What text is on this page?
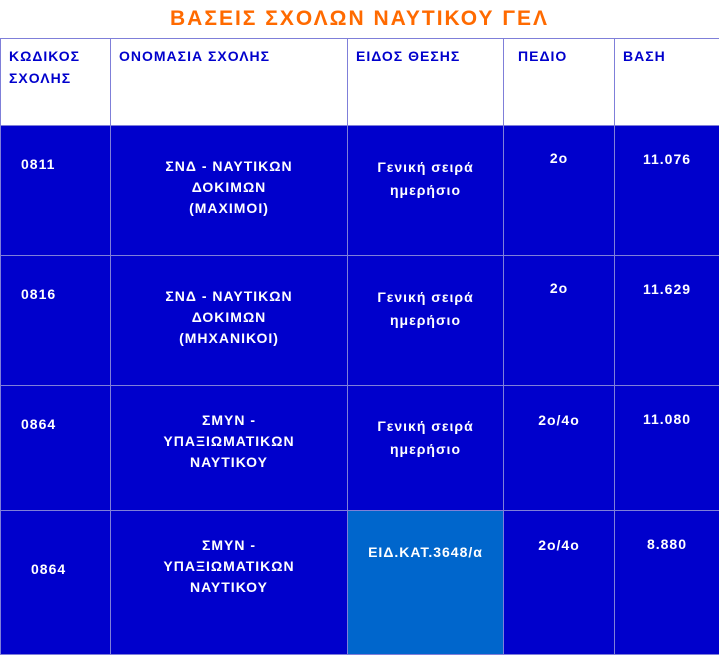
ΒΑΣΕΙΣ ΣΧΟΛΩΝ ΝΑΥΤΙΚΟΥ ΓΕΛ
ΚΩΔΙΚΟΣ
ΣΧΟΛΗΣ	ΟΝΟΜΑΣΙΑ ΣΧΟΛΗΣ	ΕΙΔΟΣ ΘΕΣΗΣ	ΠΕΔΙΟ	ΒΑΣΗ
0811	ΣΝΔ - ΝΑΥΤΙΚΩΝ
ΔΟΚΙΜΩΝ
(ΜΑΧΙΜΟΙ)	Γενική σειρά
ημερήσιο	2ο	11.076
0816	ΣΝΔ - ΝΑΥΤΙΚΩΝ
ΔΟΚΙΜΩΝ
(ΜΗΧΑΝΙΚΟΙ)	Γενική σειρά
ημερήσιο	2ο	11.629
0864	ΣΜΥΝ -
ΥΠΑΞΙΩΜΑΤΙΚΩΝ
ΝΑΥΤΙΚΟΥ	Γενική σειρά
ημερήσιο	2ο/4ο	11.080
0864	ΣΜΥΝ -
ΥΠΑΞΙΩΜΑΤΙΚΩΝ
ΝΑΥΤΙΚΟΥ	ΕΙΔ.ΚΑΤ.3648/α	2ο/4ο	8.880
